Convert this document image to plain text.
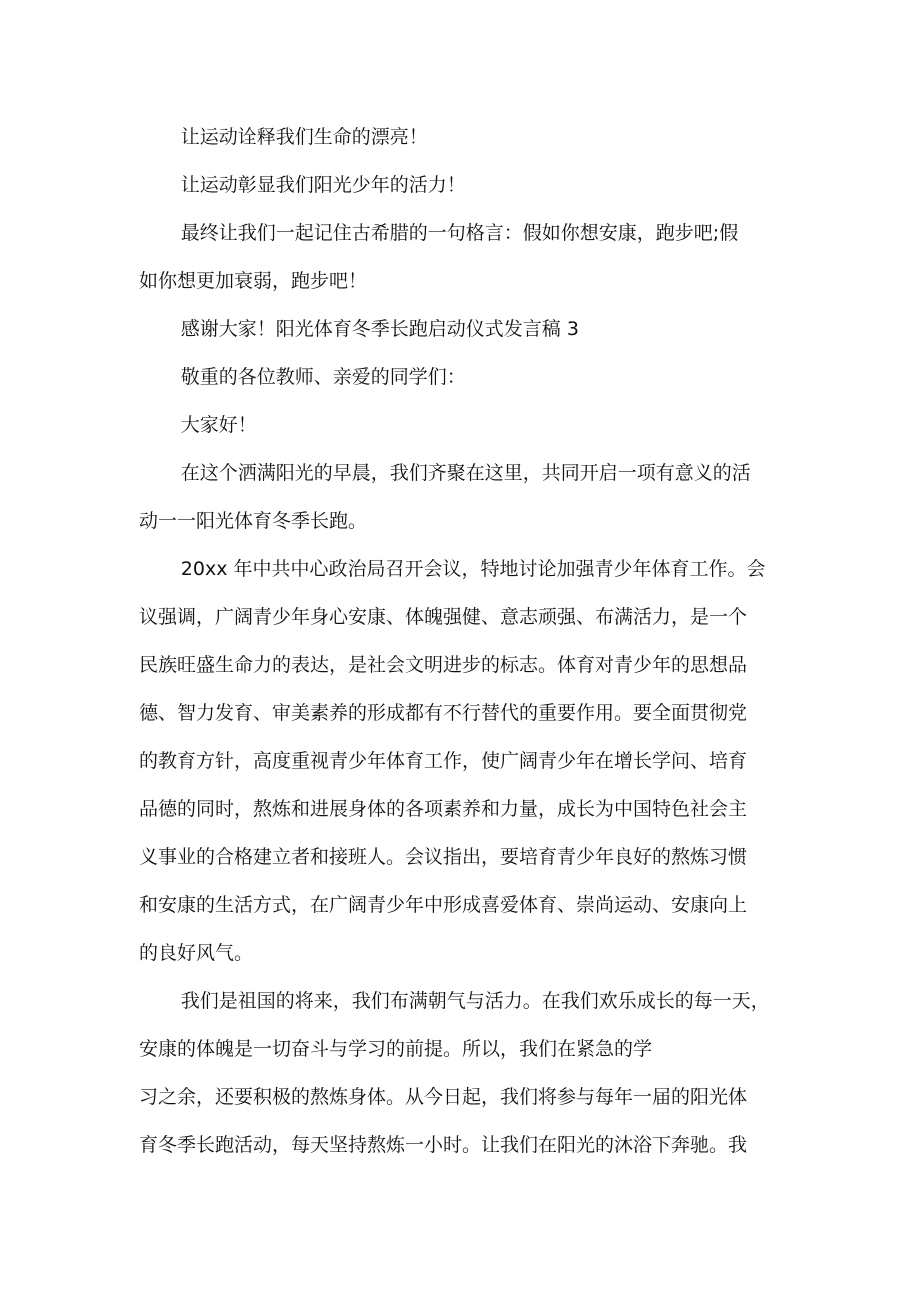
让运动诠释我们生命的漂亮！

让运动彰显我们阳光少年的活力！

最终让我们一起记住古希腊的一句格言：假如你想安康，跑步吧;假
如你想更加衰弱，跑步吧！

感谢大家！阳光体育冬季长跑启动仪式发言稿 3

敬重的各位教师、亲爱的同学们：

大家好！

在这个洒满阳光的早晨，我们齐聚在这里，共同开启一项有意义的活
动一一阳光体育冬季长跑。

20xx 年中共中心政治局召开会议，特地讨论加强青少年体育工作。会
议强调，广阔青少年身心安康、体魄强健、意志顽强、布满活力，是一个
民族旺盛生命力的表达，是社会文明进步的标志。体育对青少年的思想品
德、智力发育、审美素养的形成都有不行替代的重要作用。要全面贯彻党
的教育方针，高度重视青少年体育工作，使广阔青少年在增长学问、培育
品德的同时，熬炼和进展身体的各项素养和力量，成长为中国特色社会主
义事业的合格建立者和接班人。会议指出，要培育青少年良好的熬炼习惯
和安康的生活方式，在广阔青少年中形成喜爱体育、崇尚运动、安康向上
的良好风气。

我们是祖国的将来，我们布满朝气与活力。在我们欢乐成长的每一天，
安康的体魄是一切奋斗与学习的前提。所以，我们在紧急的学

习之余，还要积极的熬炼身体。从今日起，我们将参与每年一届的阳光体
育冬季长跑活动，每天坚持熬炼一小时。让我们在阳光的沐浴下奔驰。我
